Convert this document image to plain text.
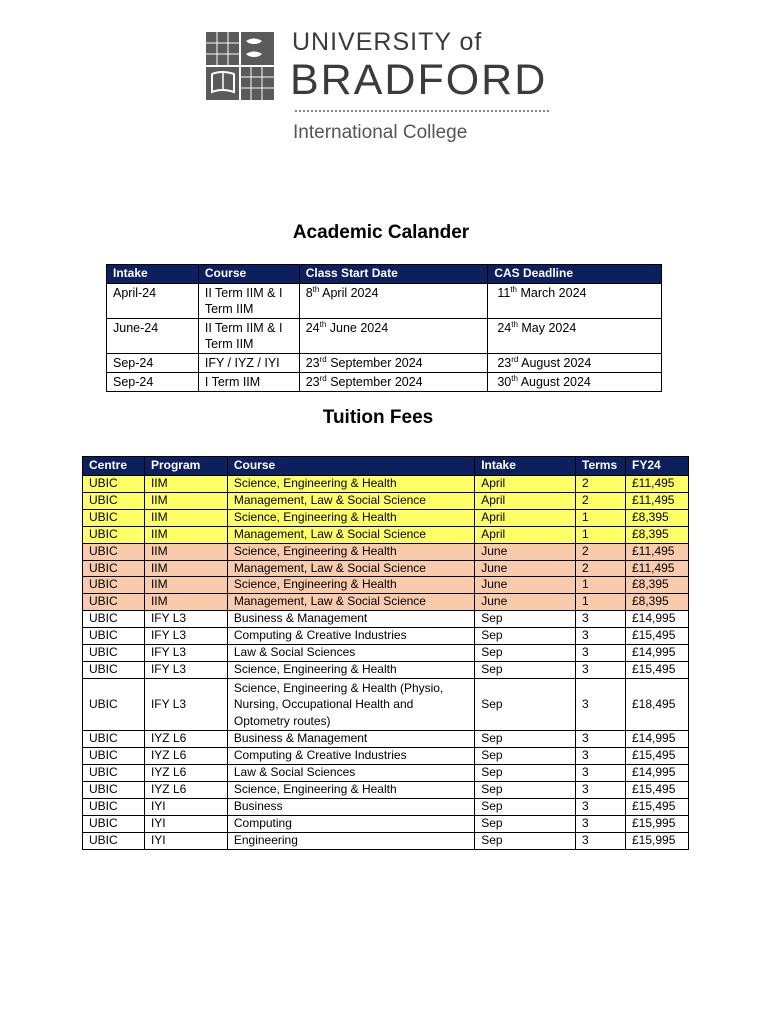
UNIVERSITY of
BRADFORD
International College
Academic Calander
Intake	Course	Class Start Date	CAS Deadline
April-24	II Term IIM & I Term IIM	8th April 2024	11th March 2024
June-24	II Term IIM & I Term IIM	24th June 2024	24th May 2024
Sep-24	IFY / IYZ / IYI	23rd September 2024	23rd August 2024
Sep-24	I Term IIM	23rd September 2024	30th August 2024
Tuition Fees
Centre	Program	Course	Intake	Terms	FY24
UBIC	IIM	Science, Engineering & Health	April	2	£11,495
UBIC	IIM	Management, Law & Social Science	April	2	£11,495
UBIC	IIM	Science, Engineering & Health	April	1	£8,395
UBIC	IIM	Management, Law & Social Science	April	1	£8,395
UBIC	IIM	Science, Engineering & Health	June	2	£11,495
UBIC	IIM	Management, Law & Social Science	June	2	£11,495
UBIC	IIM	Science, Engineering & Health	June	1	£8,395
UBIC	IIM	Management, Law & Social Science	June	1	£8,395
UBIC	IFY L3	Business & Management	Sep	3	£14,995
UBIC	IFY L3	Computing & Creative Industries	Sep	3	£15,495
UBIC	IFY L3	Law & Social Sciences	Sep	3	£14,995
UBIC	IFY L3	Science, Engineering & Health	Sep	3	£15,495
UBIC	IFY L3	Science, Engineering & Health (Physio, Nursing, Occupational Health and Optometry routes)	Sep	3	£18,495
UBIC	IYZ L6	Business & Management	Sep	3	£14,995
UBIC	IYZ L6	Computing & Creative Industries	Sep	3	£15,495
UBIC	IYZ L6	Law & Social Sciences	Sep	3	£14,995
UBIC	IYZ L6	Science, Engineering & Health	Sep	3	£15,495
UBIC	IYI	Business	Sep	3	£15,495
UBIC	IYI	Computing	Sep	3	£15,995
UBIC	IYI	Engineering	Sep	3	£15,995
